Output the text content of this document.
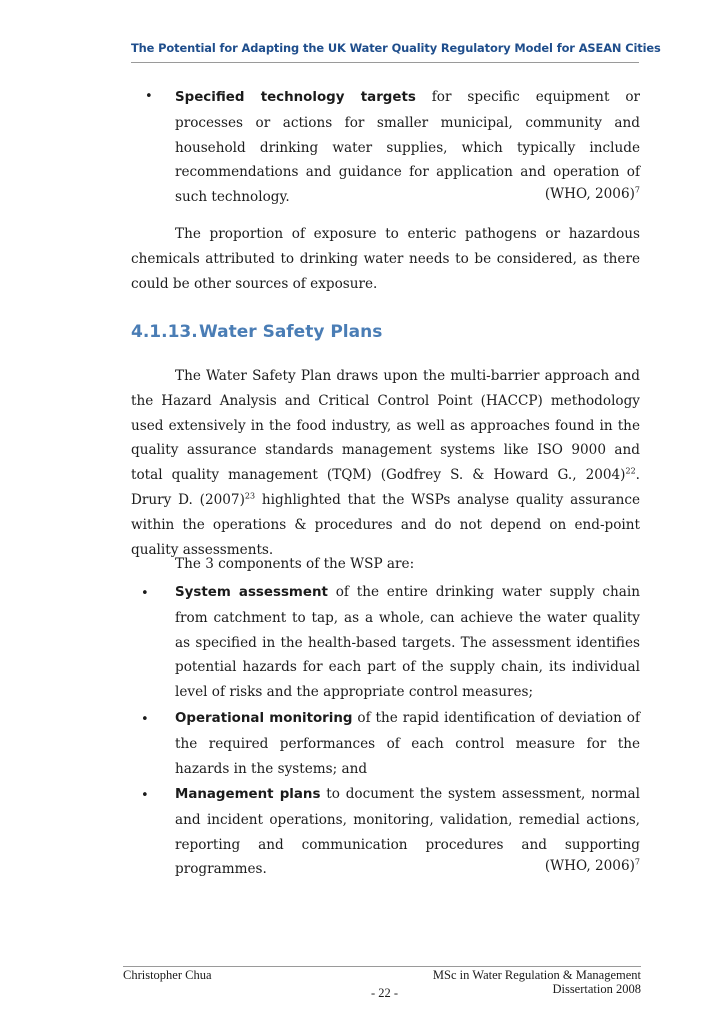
The Potential for Adapting the UK Water Quality Regulatory Model for ASEAN Cities
• Specified technology targets for specific equipment or processes or actions for smaller municipal, community and household drinking water supplies, which typically include recommendations and guidance for application and operation of such technology.	(WHO, 2006)$^7$
The proportion of exposure to enteric pathogens or hazardous chemicals attributed to drinking water needs to be considered, as there could be other sources of exposure.
4.1.13.Water Safety Plans
The Water Safety Plan draws upon the multi-barrier approach and the Hazard Analysis and Critical Control Point (HACCP) methodology used extensively in the food industry, as well as approaches found in the quality assurance standards management systems like ISO 9000 and total quality management (TQM) (Godfrey S. & Howard G., 2004)$^{22}$. Drury D. $(2007)^{23}$ highlighted that the WSPs analyse quality assurance within the operations & procedures and do not depend on end-point quality assessments.
The 3 components of the WSP are:
• System assessment of the entire drinking water supply chain from catchment to tap, as a whole, can achieve the water quality as specified in the health-based targets. The assessment identifies potential hazards for each part of the supply chain, its individual level of risks and the appropriate control measures;
• Operational monitoring of the rapid identification of deviation of the required performances of each control measure for the hazards in the systems; and
• Management plans to document the system assessment, normal and incident operations, monitoring, validation, remedial actions, reporting and communication procedures and supporting programmes.	(WHO, 2006)$^7$
Christopher Chua	MSc in Water Regulation & Management
Dissertation 2008
- 22 -
